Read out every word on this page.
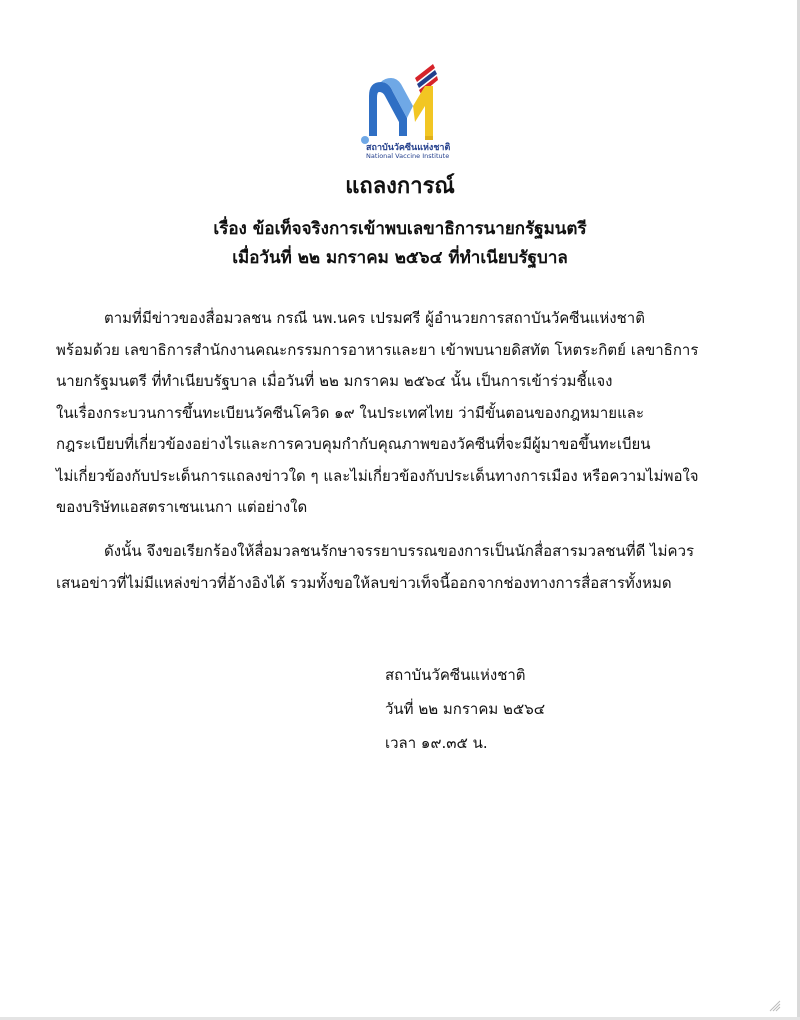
สถาบันวัคซีนแห่งชาติ
National Vaccine Institute
แถลงการณ์
เรื่อง ข้อเท็จจริงการเข้าพบเลขาธิการนายกรัฐมนตรี
เมื่อวันที่ ๒๒ มกราคม ๒๕๖๔ ที่ทำเนียบรัฐบาล
ตามที่มีข่าวของสื่อมวลชน กรณี นพ.นคร เปรมศรี ผู้อำนวยการสถาบันวัคซีนแห่งชาติ
พร้อมด้วย เลขาธิการสำนักงานคณะกรรมการอาหารและยา เข้าพบนายดิสทัต โหตระกิตย์ เลขาธิการ
นายกรัฐมนตรี ที่ทำเนียบรัฐบาล เมื่อวันที่ ๒๒ มกราคม ๒๕๖๔ นั้น เป็นการเข้าร่วมชี้แจง
ในเรื่องกระบวนการขึ้นทะเบียนวัคซีนโควิด ๑๙ ในประเทศไทย ว่ามีขั้นตอนของกฎหมายและ
กฎระเบียบที่เกี่ยวข้องอย่างไรและการควบคุมกำกับคุณภาพของวัคซีนที่จะมีผู้มาขอขึ้นทะเบียน
ไม่เกี่ยวข้องกับประเด็นการแถลงข่าวใด ๆ และไม่เกี่ยวข้องกับประเด็นทางการเมือง หรือความไม่พอใจ
ของบริษัทแอสตราเซนเนกา แต่อย่างใด
ดังนั้น จึงขอเรียกร้องให้สื่อมวลชนรักษาจรรยาบรรณของการเป็นนักสื่อสารมวลชนที่ดี ไม่ควร
เสนอข่าวที่ไม่มีแหล่งข่าวที่อ้างอิงได้ รวมทั้งขอให้ลบข่าวเท็จนี้ออกจากช่องทางการสื่อสารทั้งหมด
สถาบันวัคซีนแห่งชาติ
วันที่ ๒๒ มกราคม ๒๕๖๔
เวลา ๑๙.๓๕ น.
